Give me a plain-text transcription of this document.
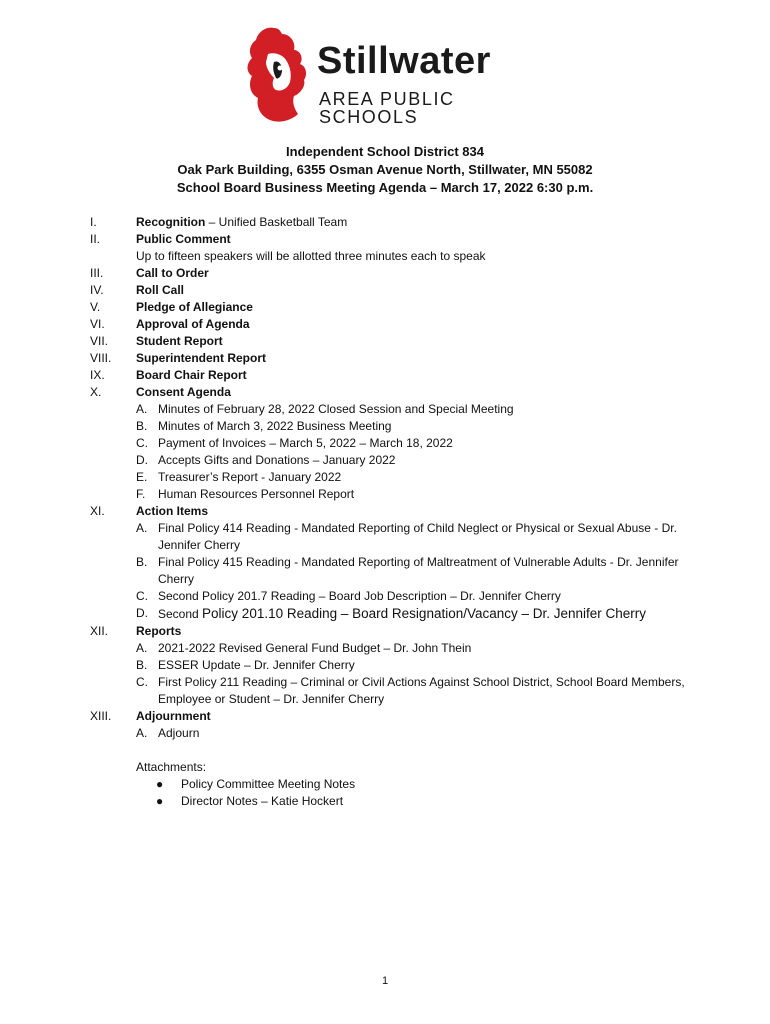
Stillwater
AREA PUBLIC SCHOOLS
Independent School District 834
Oak Park Building, 6355 Osman Avenue North, Stillwater, MN 55082
School Board Business Meeting Agenda – March 17, 2022 6:30 p.m.
I.	Recognition – Unified Basketball Team
II.	Public Comment
Up to fifteen speakers will be allotted three minutes each to speak
III.	Call to Order
IV.	Roll Call
V.	Pledge of Allegiance
VI.	Approval of Agenda
VII.	Student Report
VIII.	Superintendent Report
IX.	Board Chair Report
X.	Consent Agenda
A. Minutes of February 28, 2022 Closed Session and Special Meeting
B. Minutes of March 3, 2022 Business Meeting
C. Payment of Invoices – March 5, 2022 – March 18, 2022
D. Accepts Gifts and Donations – January 2022
E. Treasurer’s Report - January 2022
F.	Human Resources Personnel Report
XI.	Action Items
A. Final Policy 414 Reading - Mandated Reporting of Child Neglect or Physical or Sexual Abuse - Dr. Jennifer Cherry
B. Final Policy 415 Reading - Mandated Reporting of Maltreatment of Vulnerable Adults - Dr. Jennifer Cherry
C. Second Policy 201.7 Reading – Board Job Description – Dr. Jennifer Cherry
D. Second Policy 201.10 Reading – Board Resignation/Vacancy – Dr. Jennifer Cherry
XII.	Reports
A. 2021-2022 Revised General Fund Budget – Dr. John Thein
B. ESSER Update – Dr. Jennifer Cherry
C. First Policy 211 Reading – Criminal or Civil Actions Against School District, School Board Members, Employee or Student – Dr. Jennifer Cherry
XIII.	Adjournment
A. Adjourn
Attachments:
●	Policy Committee Meeting Notes
●	Director Notes – Katie Hockert
1
